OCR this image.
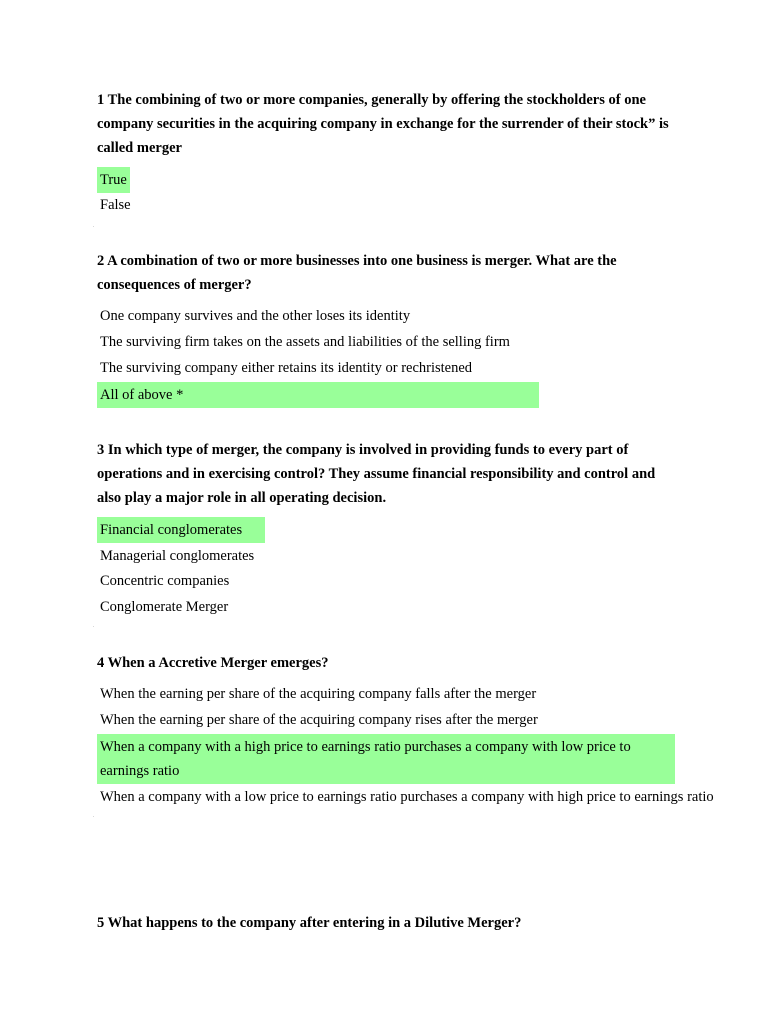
1 The combining of two or more companies, generally by offering the stockholders of one company securities in the acquiring company in exchange for the surrender of their stock” is called merger

True
False

2 A combination of two or more businesses into one business is merger. What are the consequences of merger?

One company survives and the other loses its identity
The surviving firm takes on the assets and liabilities of the selling firm
The surviving company either retains its identity or rechristened
All of above *

3 In which type of merger, the company is involved in providing funds to every part of operations and in exercising control? They assume financial responsibility and control and also play a major role in all operating decision.

Financial conglomerates
Managerial conglomerates
Concentric companies
Conglomerate Merger

4 When a Accretive Merger emerges?

When the earning per share of the acquiring company falls after the merger
When the earning per share of the acquiring company rises after the merger
When a company with a high price to earnings ratio purchases a company with low price to earnings ratio
When a company with a low price to earnings ratio purchases a company with high price to earnings ratio

5 What happens to the company after entering in a Dilutive Merger?
